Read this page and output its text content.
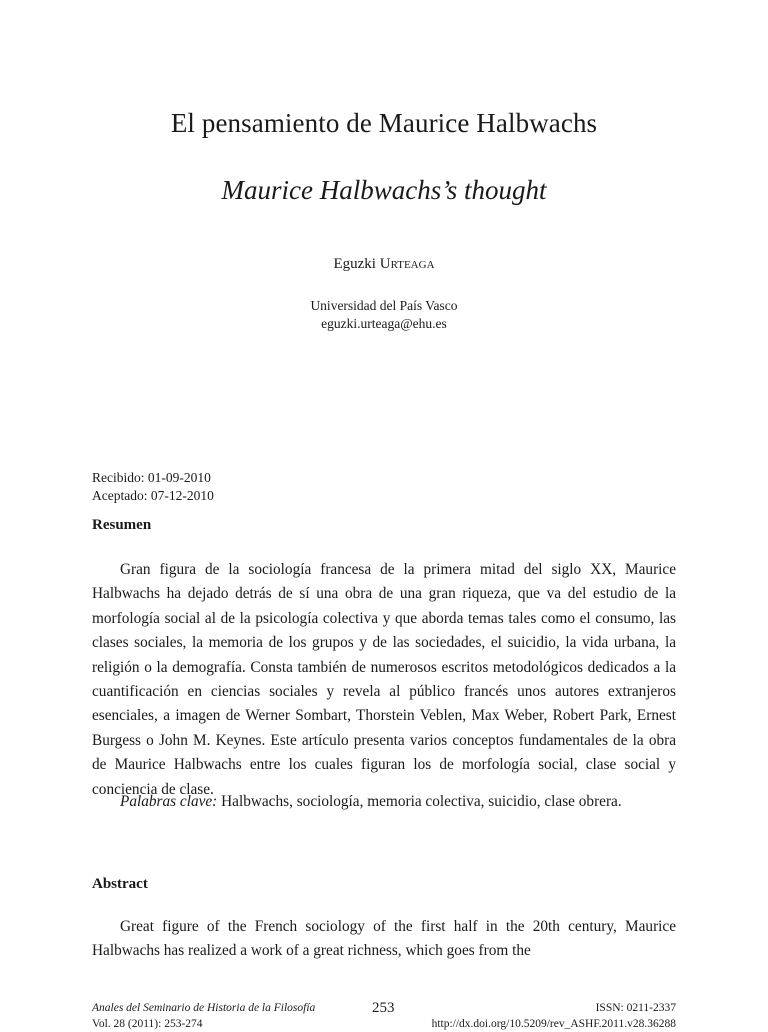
El pensamiento de Maurice Halbwachs
Maurice Halbwachs’s thought
Eguzki Urteaga
Universidad del País Vasco
eguzki.urteaga@ehu.es
Recibido: 01-09-2010
Aceptado: 07-12-2010
Resumen

Gran figura de la sociología francesa de la primera mitad del siglo XX, Maurice Halbwachs ha dejado detrás de sí una obra de una gran riqueza, que va del estudio de la morfología social al de la psicología colectiva y que aborda temas tales como el consumo, las clases sociales, la memoria de los grupos y de las sociedades, el suicidio, la vida urbana, la religión o la demografía. Consta también de numerosos escritos metodológicos dedicados a la cuantificación en ciencias sociales y revela al público francés unos autores extranjeros esenciales, a imagen de Werner Sombart, Thorstein Veblen, Max Weber, Robert Park, Ernest Burgess o John M. Keynes. Este artículo presenta varios conceptos fundamentales de la obra de Maurice Halbwachs entre los cuales figuran los de morfología social, clase social y conciencia de clase.

Palabras clave: Halbwachs, sociología, memoria colectiva, suicidio, clase obrera.

Abstract

Great figure of the French sociology of the first half in the 20th century, Maurice Halbwachs has realized a work of a great richness, which goes from the

Anales del Seminario de Historia de la Filosofía
Vol. 28 (2011): 253-274
253	ISSN: 0211-2337
http://dx.doi.org/10.5209/rev_ASHF.2011.v28.36288
